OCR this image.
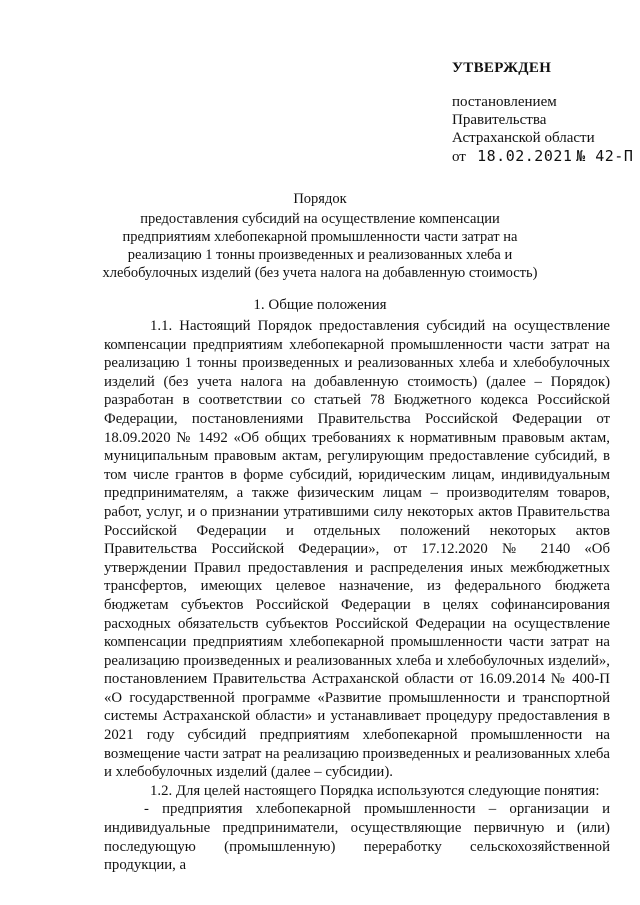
УТВЕРЖДЕН
постановлением
Правительства
Астраханской области
от 18.02.2021 № 42-П
Порядок
предоставления субсидий на осуществление компенсации предприятиям хлебопекарной промышленности части затрат на реализацию 1 тонны произведенных и реализованных хлеба и хлебобулочных изделий (без учета налога на добавленную стоимость)
1. Общие положения

1.1. Настоящий Порядок предоставления субсидий на осуществление компенсации предприятиям хлебопекарной промышленности части затрат на реализацию 1 тонны произведенных и реализованных хлеба и хлебобулочных изделий (без учета налога на добавленную стоимость) (далее – Порядок) разработан в соответствии со статьей 78 Бюджетного кодекса Российской Федерации, постановлениями Правительства Российской Федерации от 18.09.2020 № 1492 «Об общих требованиях к нормативным правовым актам, муниципальным правовым актам, регулирующим предоставление субсидий, в том числе грантов в форме субсидий, юридическим лицам, индивидуальным предпринимателям, а также физическим лицам – производителям товаров, работ, услуг, и о признании утратившими силу некоторых актов Правительства Российской Федерации и отдельных положений некоторых актов Правительства Российской Федерации», от 17.12.2020 № 2140 «Об утверждении Правил предоставления и распределения иных межбюджетных трансфертов, имеющих целевое назначение, из федерального бюджета бюджетам субъектов Российской Федерации в целях софинансирования расходных обязательств субъектов Российской Федерации на осуществление компенсации предприятиям хлебопекарной промышленности части затрат на реализацию произведенных и реализованных хлеба и хлебобулочных изделий», постановлением Правительства Астраханской области от 16.09.2014 № 400-П «О государственной программе «Развитие промышленности и транспортной системы Астраханской области» и устанавливает процедуру предоставления в 2021 году субсидий предприятиям хлебопекарной промышленности на возмещение части затрат на реализацию произведенных и реализованных хлеба и хлебобулочных изделий (далее – субсидии).

1.2. Для целей настоящего Порядка используются следующие понятия:

- предприятия хлебопекарной промышленности – организации и индивидуальные предприниматели, осуществляющие первичную и (или) последующую (промышленную) переработку сельскохозяйственной продукции, а
